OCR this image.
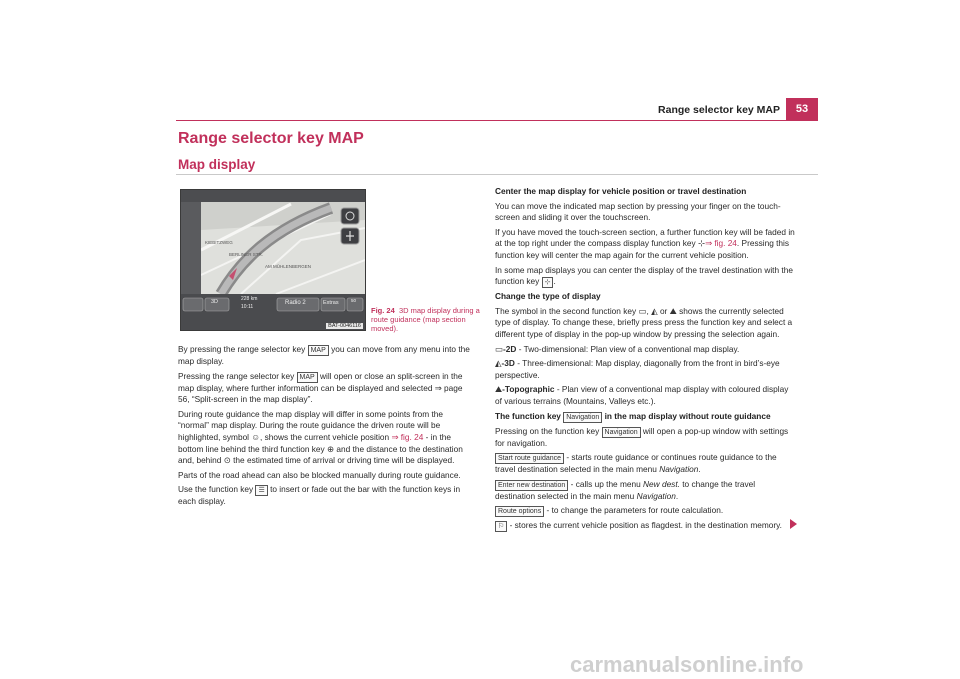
Range selector key MAP	53
Range selector key MAP
Map display
KIEBITZWEG
BERLINER STR.
AM MÜHLENBERGEN
3D	228 km
10:11
Radio 2	Extras	50
BAT-0046116
Fig. 24 3D map display during a route guidance (map section moved).

By pressing the range selector key MAP you can move from any menu into the map display.

Pressing the range selector key MAP will open or close an split-screen in the map display, where further information can be displayed and selected ⇒ page 56, “Split-screen in the map display”.

During route guidance the map display will differ in some points from the “normal” map display. During the route guidance the driven route will be highlighted, symbol ☺, shows the current vehicle position ⇒ fig. 24 - in the bottom line behind the third function key ⊕ and the distance to the destination and, behind ⊙ the estimated time of arrival or driving time will be displayed.

Parts of the road ahead can also be blocked manually during route guidance.

Use the function key ☰ to insert or fade out the bar with the function keys in each display.

Center the map display for vehicle position or travel destination

You can move the indicated map section by pressing your finger on the touch-screen and sliding it over the touchscreen.

If you have moved the touch-screen section, a further function key will be faded in at the top right under the compass display function key ⊹⇒ fig. 24. Pressing this function key will center the map again for the current vehicle position.

In some map displays you can center the display of the travel destination with the function key ⊹ .

Change the type of display

The symbol in the second function key ▭, ◭ or ⛰ shows the currently selected type of display. To change these, briefly press press the function key and select a different type of display in the pop-up window by pressing the selection again.

▭-2D - Two-dimensional: Plan view of a conventional map display.

◭-3D - Three-dimensional: Map display, diagonally from the front in bird’s-eye perspective.

⛰-Topographic - Plan view of a conventional map display with coloured display of various terrains (Mountains, Valleys etc.).

The function key Navigation in the map display without route guidance

Pressing on the function key Navigation will open a pop-up window with settings for navigation.

Start route guidance - starts route guidance or continues route guidance to the travel destination selected in the main menu Navigation.

Enter new destination - calls up the menu New dest. to change the travel destination selected in the main menu Navigation.

Route options - to change the parameters for route calculation.

⚐ - stores the current vehicle position as flagdest. in the destination memory.

carmanualsonline.info
